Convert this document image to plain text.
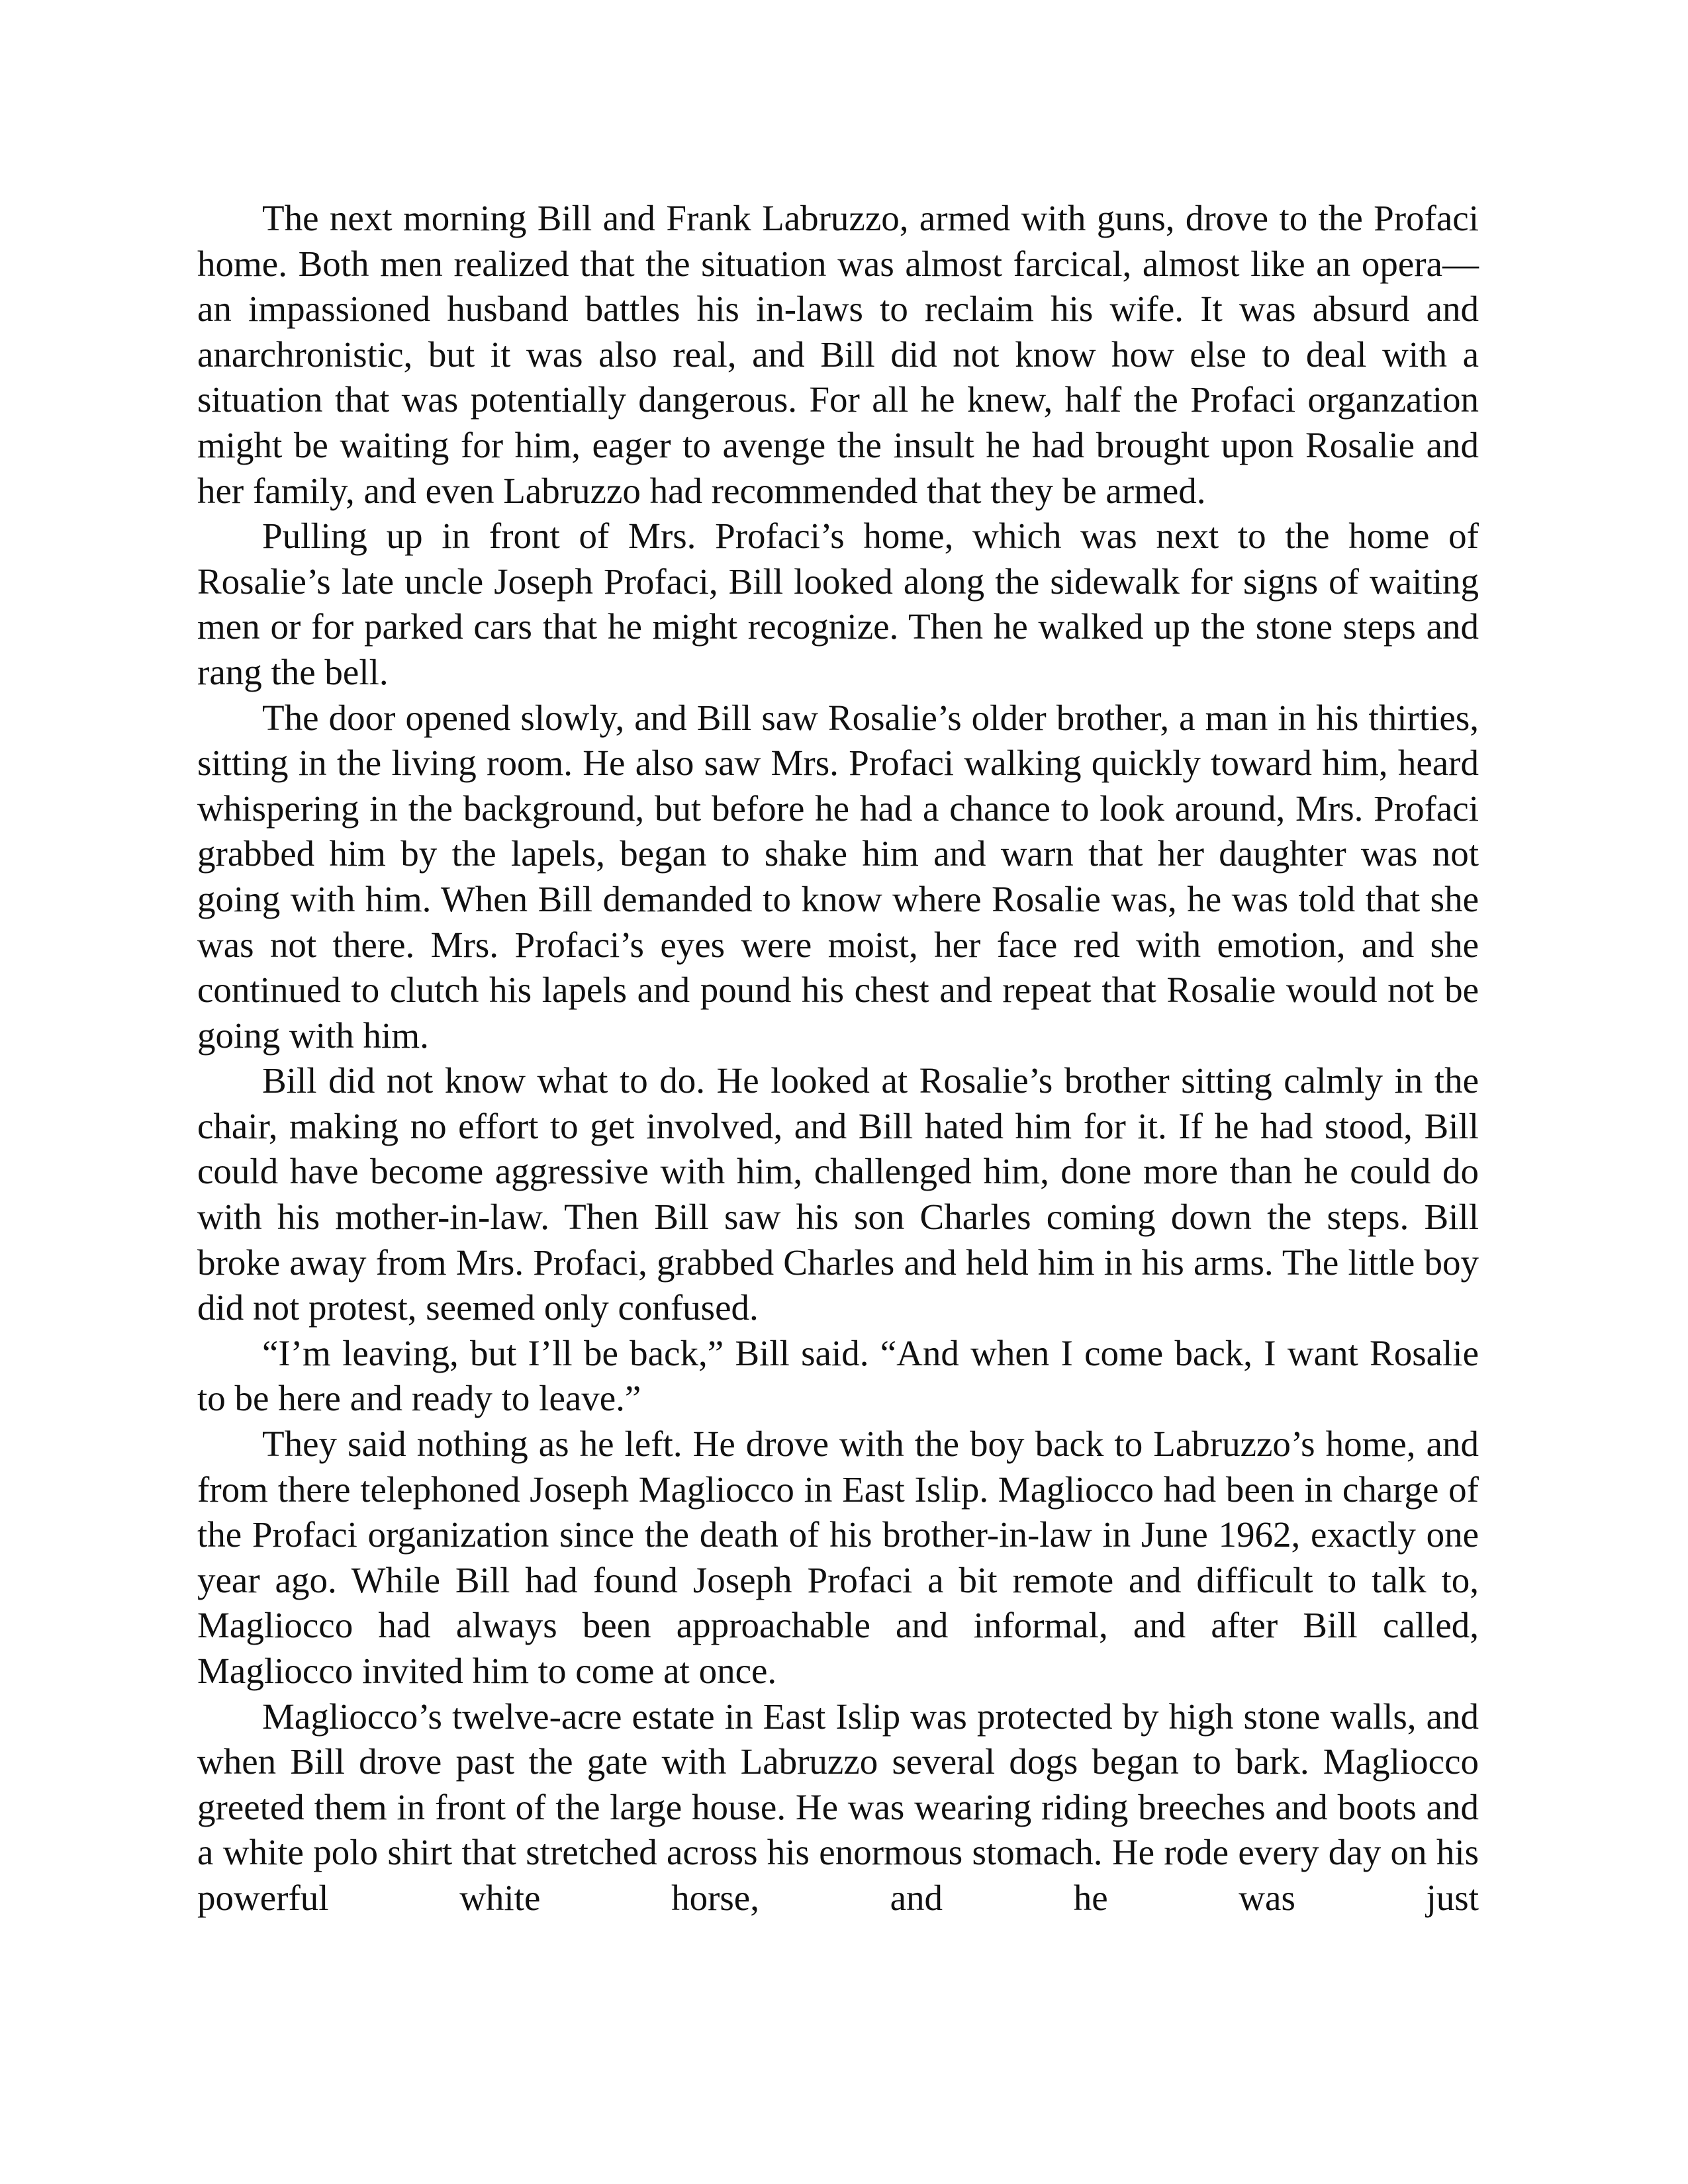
The next morning Bill and Frank Labruzzo, armed with guns, drove to the Profaci home. Both men realized that the situation was almost farcical, almost like an opera—an impassioned husband battles his in-laws to reclaim his wife. It was absurd and anarchronistic, but it was also real, and Bill did not know how else to deal with a situation that was potentially dangerous. For all he knew, half the Profaci organzation might be waiting for him, eager to avenge the insult he had brought upon Rosalie and her family, and even Labruzzo had recommended that they be armed.

Pulling up in front of Mrs. Profaci’s home, which was next to the home of Rosalie’s late uncle Joseph Profaci, Bill looked along the sidewalk for signs of waiting men or for parked cars that he might recognize. Then he walked up the stone steps and rang the bell.

The door opened slowly, and Bill saw Rosalie’s older brother, a man in his thirties, sitting in the living room. He also saw Mrs. Profaci walking quickly toward him, heard whispering in the background, but before he had a chance to look around, Mrs. Profaci grabbed him by the lapels, began to shake him and warn that her daughter was not going with him. When Bill demanded to know where Rosalie was, he was told that she was not there. Mrs. Profaci’s eyes were moist, her face red with emotion, and she continued to clutch his lapels and pound his chest and repeat that Rosalie would not be going with him.

Bill did not know what to do. He looked at Rosalie’s brother sitting calmly in the chair, making no effort to get involved, and Bill hated him for it. If he had stood, Bill could have become aggressive with him, challenged him, done more than he could do with his mother-in-law. Then Bill saw his son Charles coming down the steps. Bill broke away from Mrs. Profaci, grabbed Charles and held him in his arms. The little boy did not protest, seemed only confused.

“I’m leaving, but I’ll be back,” Bill said. “And when I come back, I want Rosalie to be here and ready to leave.”

They said nothing as he left. He drove with the boy back to Labruzzo’s home, and from there telephoned Joseph Magliocco in East Islip. Magliocco had been in charge of the Profaci organization since the death of his brother-in-law in June 1962, exactly one year ago. While Bill had found Joseph Profaci a bit remote and difficult to talk to, Magliocco had always been approachable and informal, and after Bill called, Magliocco invited him to come at once.

Magliocco’s twelve-acre estate in East Islip was protected by high stone walls, and when Bill drove past the gate with Labruzzo several dogs began to bark. Magliocco greeted them in front of the large house. He was wearing riding breeches and boots and a white polo shirt that stretched across his enormous stomach. He rode every day on his powerful white horse, and he was just
